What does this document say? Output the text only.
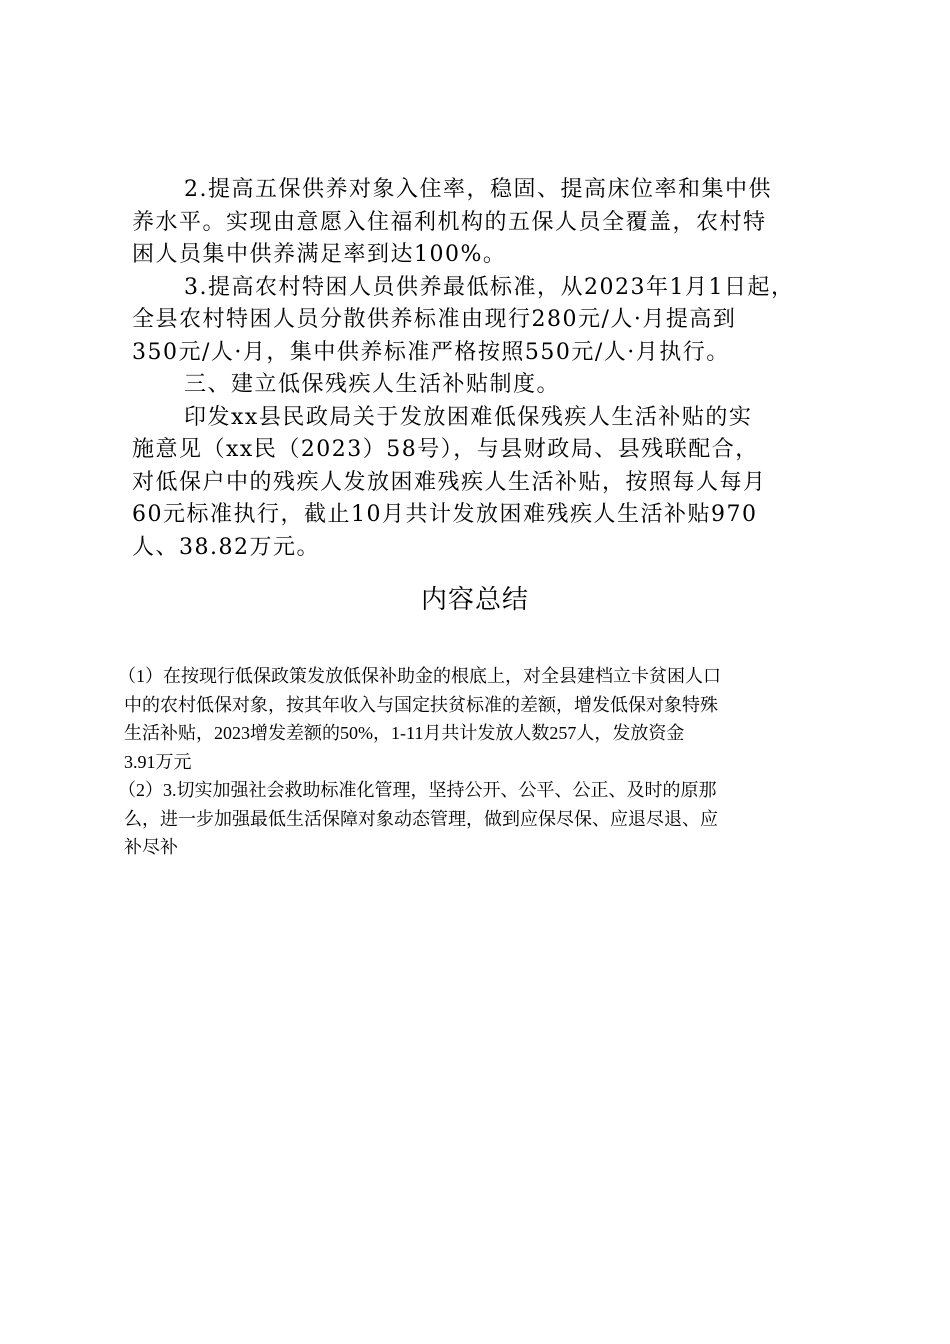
2.提高五保供养对象入住率，稳固、提高床位率和集中供
养水平。实现由意愿入住福利机构的五保人员全覆盖，农村特
困人员集中供养满足率到达100%。
3.提高农村特困人员供养最低标准，从2023年1月1日起，
全县农村特困人员分散供养标准由现行280元/人·月提高到
350元/人·月，集中供养标准严格按照550元/人·月执行。
三、建立低保残疾人生活补贴制度。
印发xx县民政局关于发放困难低保残疾人生活补贴的实
施意见（xx民（2023）58号），与县财政局、县残联配合，
对低保户中的残疾人发放困难残疾人生活补贴，按照每人每月
60元标准执行，截止10月共计发放困难残疾人生活补贴970
人、38.82万元。
内容总结
（1）在按现行低保政策发放低保补助金的根底上，对全县建档立卡贫困人口
中的农村低保对象，按其年收入与国定扶贫标准的差额，增发低保对象特殊
生活补贴，2023增发差额的50%，1-11月共计发放人数257人，发放资金
3.91万元
（2）3.切实加强社会救助标准化管理，坚持公开、公平、公正、及时的原那
么，进一步加强最低生活保障对象动态管理，做到应保尽保、应退尽退、应
补尽补
